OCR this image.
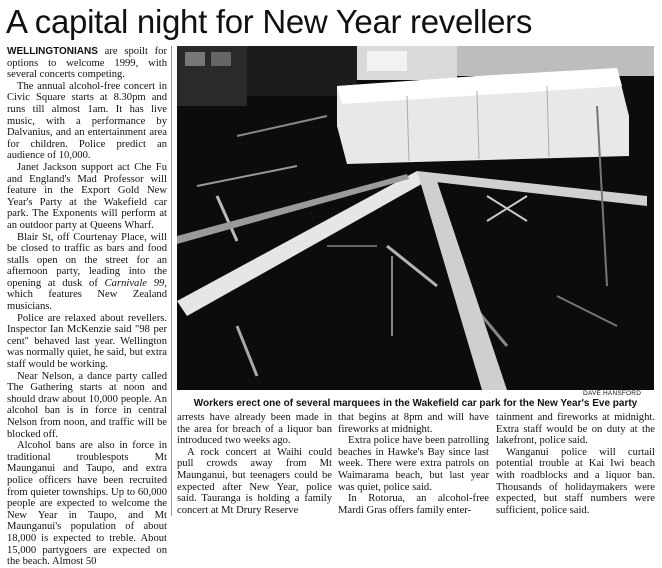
A capital night for New Year revellers

WELLINGTONIANS are spoilt for options to welcome 1999, with several concerts competing.

The annual alcohol-free concert in Civic Square starts at 8.30pm and runs till almost 1am. It has live music, with a performance by Dalvanius, and an entertainment area for children. Police predict an audience of 10,000.

Janet Jackson support act Che Fu and England's Mad Professor will feature in the Export Gold New Year's Party at the Wakefield car park. The Exponents will perform at an outdoor party at Queens Wharf.

Blair St, off Courtenay Place, will be closed to traffic as bars and food stalls open on the street for an afternoon party, leading into the opening at dusk of Carnivale 99, which features New Zealand musicians.

Police are relaxed about revellers. Inspector Ian McKenzie said "98 per cent" behaved last year. Wellington was normally quiet, he said, but extra staff would be working.

Near Nelson, a dance party called The Gathering starts at noon and should draw about 10,000 people. An alcohol ban is in force in central Nelson from noon, and traffic will be blocked off.

Alcohol bans are also in force in traditional troublespots Mt Maunganui and Taupo, and extra police officers have been recruited from quieter townships. Up to 60,000 people are expected to welcome the New Year in Taupo, and Mt Maunganui's population of about 18,000 is expected to treble. About 15,000 partygoers are expected on the beach. Almost 50

DAVE HANSFORD
Workers erect one of several marquees in the Wakefield car park for the New Year's Eve party

arrests have already been made in the area for breach of a liquor ban introduced two weeks ago.

A rock concert at Waihi could pull crowds away from Mt Maunganui, but teenagers could be expected after New Year, police said. Tauranga is holding a family concert at Mt Drury Reserve

that begins at 8pm and will have fireworks at midnight.

Extra police have been patrolling beaches in Hawke's Bay since last week. There were extra patrols on Waimarama beach, but last year was quiet, police said.

In Rotorua, an alcohol-free Mardi Gras offers family enter-

tainment and fireworks at midnight. Extra staff would be on duty at the lakefront, police said.

Wanganui police will curtail potential trouble at Kai Iwi beach with roadblocks and a liquor ban. Thousands of holidaymakers were expected, but staff numbers were sufficient, police said.
